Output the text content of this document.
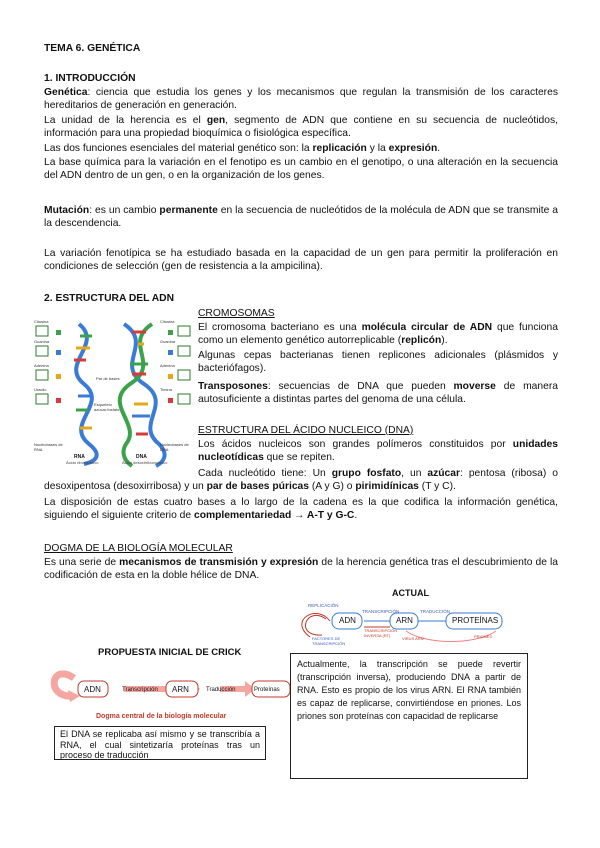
TEMA 6. GENÉTICA
1. INTRODUCCIÓN
Genética: ciencia que estudia los genes y los mecanismos que regulan la transmisión de los caracteres hereditarios de generación en generación.
La unidad de la herencia es el gen, segmento de ADN que contiene en su secuencia de nucleótidos, información para una propiedad bioquímica o fisiológica específica.
Las dos funciones esenciales del material genético son: la replicación y la expresión.
La base química para la variación en el fenotipo es un cambio en el genotipo, o una alteración en la secuencia del ADN dentro de un gen, o en la organización de los genes.
Mutación: es un cambio permanente en la secuencia de nucleótidos de la molécula de ADN que se transmite a la descendencia.
La variación fenotípica se ha estudiado basada en la capacidad de un gen para permitir la proliferación en condiciones de selección (gen de resistencia a la ampicilina).
2. ESTRUCTURA DEL ADN
Citosina
Guanina
Adenina
Uracilo
Nucleobases de RNA
Citosina
Guanina
Adenina
Timina
Nucleobases de DNA
Par de bases
Esqueleto azúcar-fosfato
RNA
Ácido ribonucleico
DNA
Ácido desoxirribonucleico
CROMOSOMAS
El cromosoma bacteriano es una molécula circular de ADN que funciona como un elemento genético autorreplicable (replicón).
Algunas cepas bacterianas tienen replicones adicionales (plásmidos y bacteriófagos).
Transposones: secuencias de DNA que pueden moverse de manera autosuficiente a distintas partes del genoma de una célula.
ESTRUCTURA DEL ÁCIDO NUCLEICO (DNA)
Los ácidos nucleicos son grandes polímeros constituidos por unidades nucleotídicas que se repiten.
Cada nucleótido tiene: Un grupo fosfato, un azúcar: pentosa (ribosa) o desoxipentosa (desoxirribosa) y un par de bases púricas (A y G) o pirimidínicas (T y C).
La disposición de estas cuatro bases a lo largo de la cadena es la que codifica la información genética, siguiendo el siguiente criterio de complementariedad → A-T y G-C.
DOGMA DE LA BIOLOGÍA MOLECULAR
Es una serie de mecanismos de transmisión y expresión de la herencia genética tras el descubrimiento de la codificación de esta en la doble hélice de DNA.
PROPUESTA INICIAL DE CRICK
ADN	Transcripción ARN	Traducción	Proteínas
Dogma central de la biología molecular
El DNA se replicaba así mismo y se transcribía a RNA, el cual sintetizaría proteínas tras un proceso de traducción
ACTUAL
REPLICACIÓN
TRANSCRIPCIÓN	TRADUCCIÓN
ADN	ARN	PROTEÍNAS
TRANSCRIPCIÓN INVERSA (RT)
FACTORES DE TRANSCRIPCIÓN
VIRUS ARN	PRIONES
Actualmente, la transcripción se puede revertir (transcripción inversa), produciendo DNA a partir de RNA. Esto es propio de los virus ARN. El RNA también es capaz de replicarse, convirtiéndose en priones. Los priones son proteínas con capacidad de replicarse
